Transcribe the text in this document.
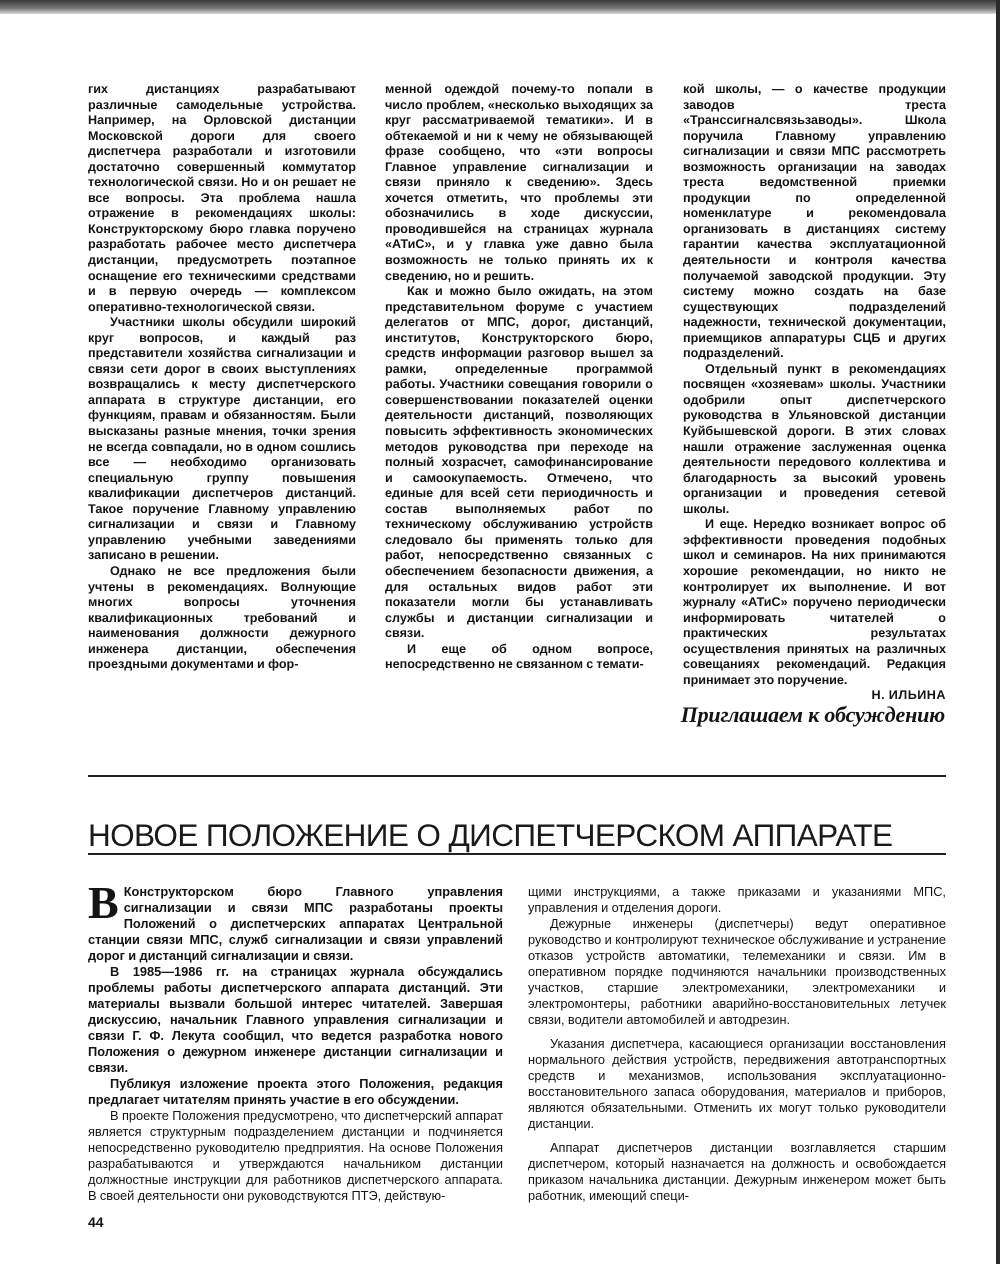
гих дистанциях разрабатывают различные самодельные устройства. Например, на Орловской дистанции Московской дороги для своего диспетчера разработали и изготовили достаточно совершенный коммутатор технологической связи. Но и он решает не все вопросы. Эта проблема нашла отражение в рекомендациях школы: Конструкторскому бюро главка поручено разработать рабочее место диспетчера дистанции, предусмотреть поэтапное оснащение его техническими средствами и в первую очередь — комплексом оперативно-технологической связи.

Участники школы обсудили широкий круг вопросов, и каждый раз представители хозяйства сигнализации и связи сети дорог в своих выступлениях возвращались к месту диспетчерского аппарата в структуре дистанции, его функциям, правам и обязанностям. Были высказаны разные мнения, точки зрения не всегда совпадали, но в одном сошлись все — необходимо организовать специальную группу повышения квалификации диспетчеров дистанций. Такое поручение Главному управлению сигнализации и связи и Главному управлению учебными заведениями записано в решении.

Однако не все предложения были учтены в рекомендациях. Волнующие многих вопросы уточнения квалификационных требований и наименования должности дежурного инженера дистанции, обеспечения проездными документами и фор-

менной одеждой почему-то попали в число проблем, «несколько выходящих за круг рассматриваемой тематики». И в обтекаемой и ни к чему не обязывающей фразе сообщено, что «эти вопросы Главное управление сигнализации и связи приняло к сведению». Здесь хочется отметить, что проблемы эти обозначились в ходе дискуссии, проводившейся на страницах журнала «АТиС», и у главка уже давно была возможность не только принять их к сведению, но и решить.

Как и можно было ожидать, на этом представительном форуме с участием делегатов от МПС, дорог, дистанций, институтов, Конструкторского бюро, средств информации разговор вышел за рамки, определенные программой работы. Участники совещания говорили о совершенствовании показателей оценки деятельности дистанций, позволяющих повысить эффективность экономических методов руководства при переходе на полный хозрасчет, самофинансирование и самоокупаемость. Отмечено, что единые для всей сети периодичность и состав выполняемых работ по техническому обслуживанию устройств следовало бы применять только для работ, непосредственно связанных с обеспечением безопасности движения, а для остальных видов работ эти показатели могли бы устанавливать службы и дистанции сигнализации и связи.

И еще об одном вопросе, непосредственно не связанном с темати-

кой школы, — о качестве продукции заводов треста «Транссигналсвязьзаводы». Школа поручила Главному управлению сигнализации и связи МПС рассмотреть возможность организации на заводах треста ведомственной приемки продукции по определенной номенклатуре и рекомендовала организовать в дистанциях систему гарантии качества эксплуатационной деятельности и контроля качества получаемой заводской продукции. Эту систему можно создать на базе существующих подразделений надежности, технической документации, приемщиков аппаратуры СЦБ и других подразделений.

Отдельный пункт в рекомендациях посвящен «хозяевам» школы. Участники одобрили опыт диспетчерского руководства в Ульяновской дистанции Куйбышевской дороги. В этих словах нашли отражение заслуженная оценка деятельности передового коллектива и благодарность за высокий уровень организации и проведения сетевой школы.

И еще. Нередко возникает вопрос об эффективности проведения подобных школ и семинаров. На них принимаются хорошие рекомендации, но никто не контролирует их выполнение. И вот журналу «АТиС» поручено периодически информировать читателей о практических результатах осуществления принятых на различных совещаниях рекомендаций. Редакция принимает это поручение.

Н. ИЛЬИНА

Приглашаем к обсуждению
НОВОЕ ПОЛОЖЕНИЕ О ДИСПЕТЧЕРСКОМ АППАРАТЕ

В Конструкторском бюро Главного управления сигнализации и связи МПС разработаны проекты Положений о диспетчерских аппаратах Центральной станции связи МПС, служб сигнализации и связи управлений дорог и дистанций сигнализации и связи.

В 1985—1986 гг. на страницах журнала обсуждались проблемы работы диспетчерского аппарата дистанций. Эти материалы вызвали большой интерес читателей. Завершая дискуссию, начальник Главного управления сигнализации и связи Г. Ф. Лекута сообщил, что ведется разработка нового Положения о дежурном инженере дистанции сигнализации и связи.

Публикуя изложение проекта этого Положения, редакция предлагает читателям принять участие в его обсуждении.

В проекте Положения предусмотрено, что диспетчерский аппарат является структурным подразделением дистанции и подчиняется непосредственно руководителю предприятия. На основе Положения разрабатываются и утверждаются начальником дистанции должностные инструкции для работников диспетчерского аппарата. В своей деятельности они руководствуются ПТЭ, действую-

щими инструкциями, а также приказами и указаниями МПС, управления и отделения дороги.

Дежурные инженеры (диспетчеры) ведут оперативное руководство и контролируют техническое обслуживание и устранение отказов устройств автоматики, телемеханики и связи. Им в оперативном порядке подчиняются начальники производственных участков, старшие электромеханики, электромеханики и электромонтеры, работники аварийно-восстановительных летучек связи, водители автомобилей и автодрезин.

Указания диспетчера, касающиеся организации восстановления нормального действия устройств, передвижения автотранспортных средств и механизмов, использования эксплуатационно-восстановительного запаса оборудования, материалов и приборов, являются обязательными. Отменить их могут только руководители дистанции.

Аппарат диспетчеров дистанции возглавляется старшим диспетчером, который назначается на должность и освобождается приказом начальника дистанции. Дежурным инженером может быть работник, имеющий специ-

44
